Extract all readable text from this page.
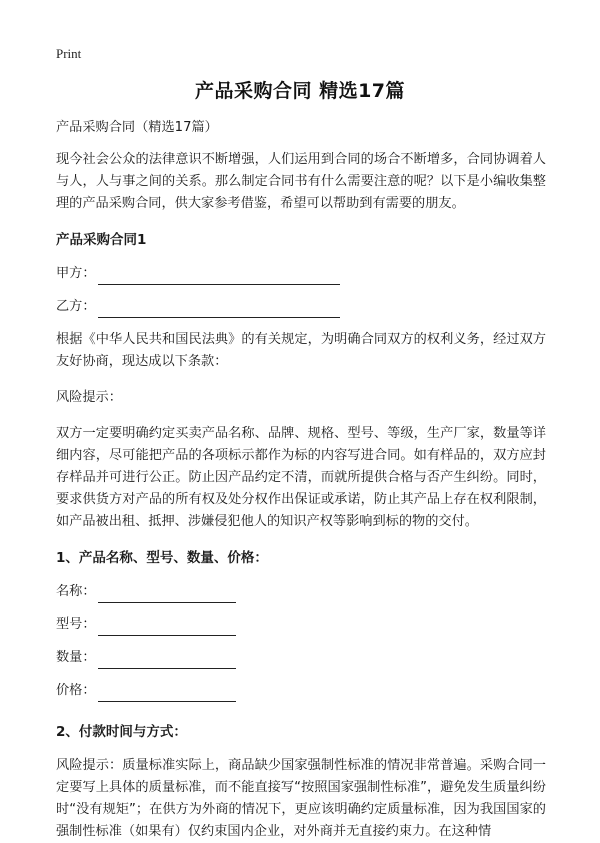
Print
产品采购合同 精选17篇

产品采购合同（精选17篇）

现今社会公众的法律意识不断增强，人们运用到合同的场合不断增多，合同协调着人与人，人与事之间的关系。那么制定合同书有什么需要注意的呢？以下是小编收集整理的产品采购合同，供大家参考借鉴，希望可以帮助到有需要的朋友。

产品采购合同1

甲方：
乙方：

根据《中华人民共和国民法典》的有关规定，为明确合同双方的权利义务，经过双方友好协商，现达成以下条款：

风险提示：

双方一定要明确约定买卖产品名称、品牌、规格、型号、等级，生产厂家，数量等详细内容，尽可能把产品的各项标示都作为标的内容写进合同。如有样品的，双方应封存样品并可进行公正。防止因产品约定不清，而就所提供合格与否产生纠纷。同时，要求供货方对产品的所有权及处分权作出保证或承诺，防止其产品上存在权利限制，如产品被出租、抵押、涉嫌侵犯他人的知识产权等影响到标的物的交付。

1、产品名称、型号、数量、价格：

名称：
型号：
数量：
价格：

2、付款时间与方式：

风险提示：质量标准实际上，商品缺少国家强制性标准的情况非常普遍。采购合同一定要写上具体的质量标准，而不能直接写“按照国家强制性标准”，避免发生质量纠纷时“没有规矩”；在供方为外商的情况下，更应该明确约定质量标准，因为我国国家的强制性标准（如果有）仅约束国内企业，对外商并无直接约束力。在这种情
